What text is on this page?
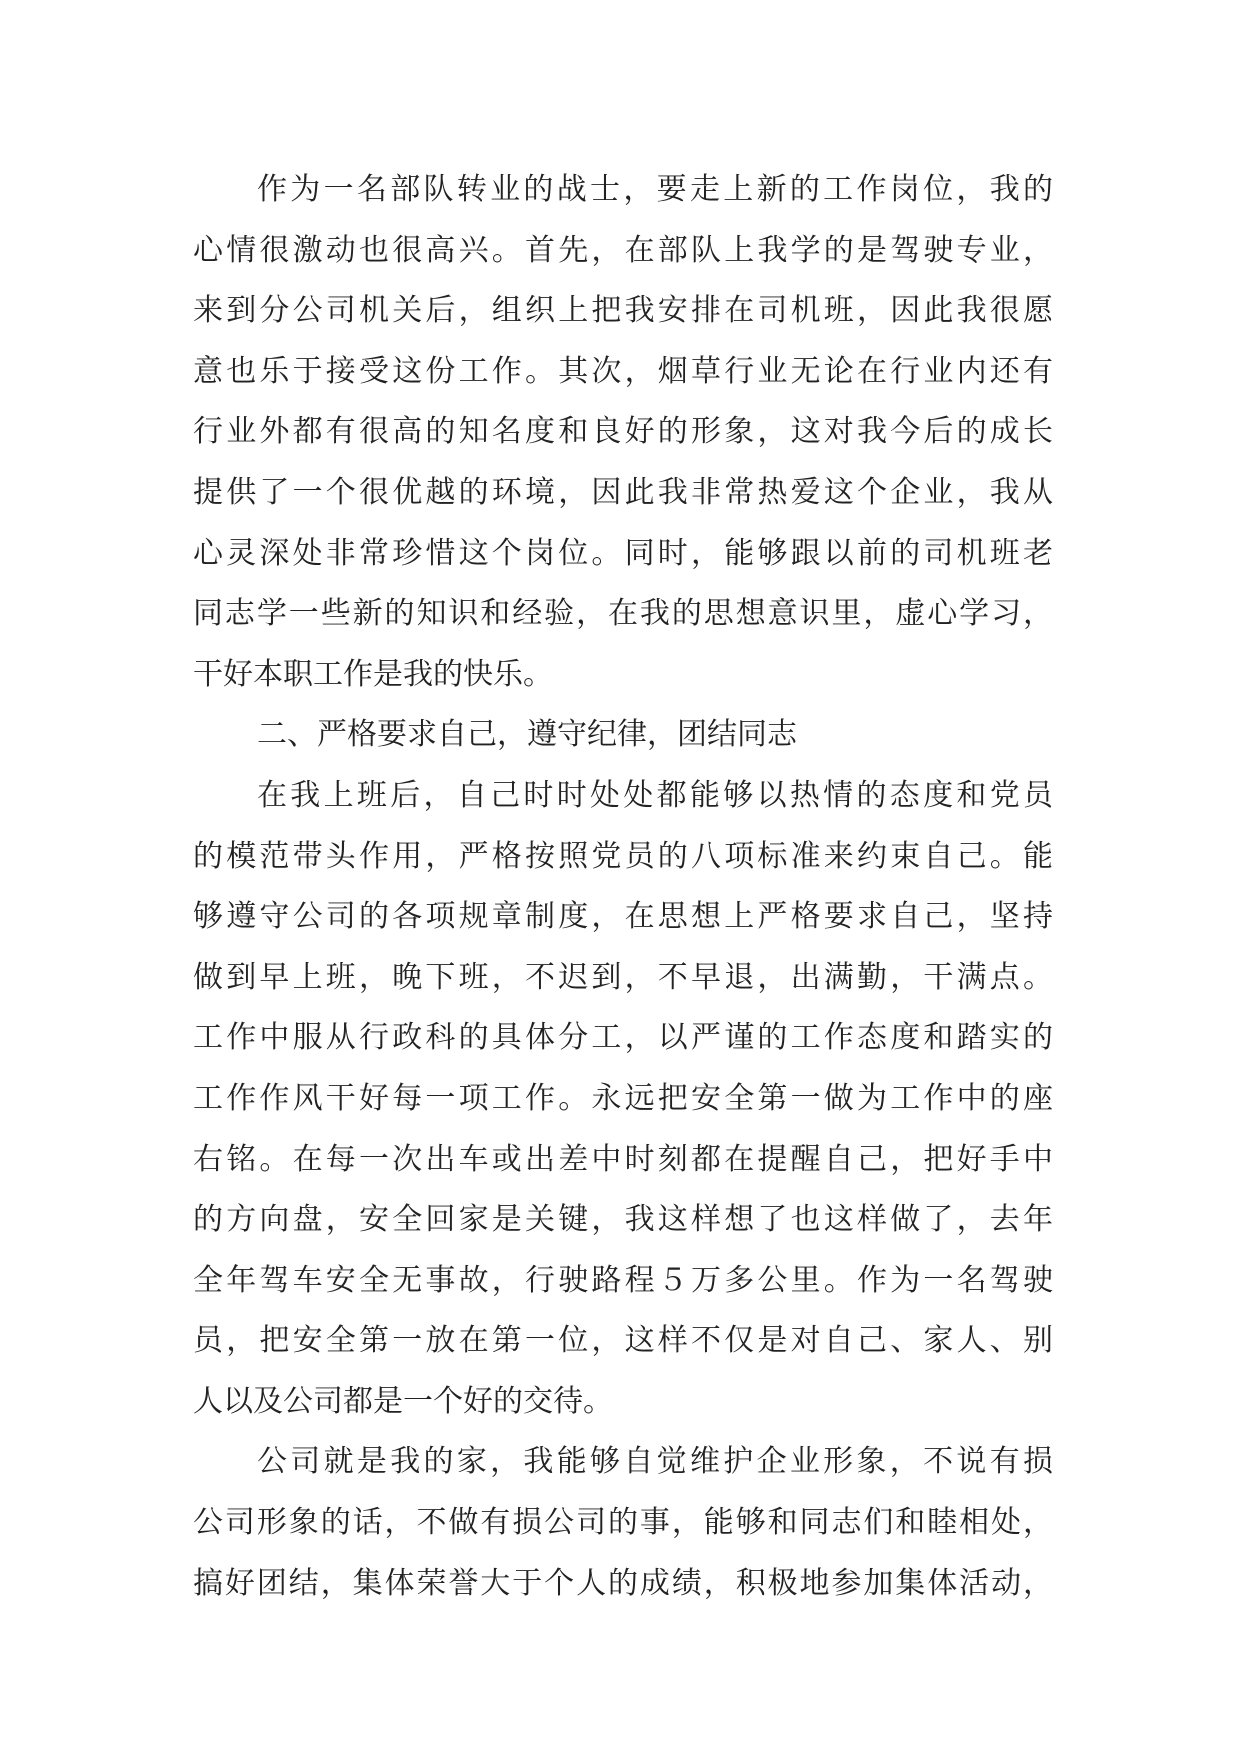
作为一名部队转业的战士，要走上新的工作岗位，我的
心情很激动也很高兴。首先，在部队上我学的是驾驶专业，
来到分公司机关后，组织上把我安排在司机班，因此我很愿
意也乐于接受这份工作。其次，烟草行业无论在行业内还有
行业外都有很高的知名度和良好的形象，这对我今后的成长
提供了一个很优越的环境，因此我非常热爱这个企业，我从
心灵深处非常珍惜这个岗位。同时，能够跟以前的司机班老
同志学一些新的知识和经验，在我的思想意识里，虚心学习，
干好本职工作是我的快乐。
二、严格要求自己，遵守纪律，团结同志
在我上班后，自己时时处处都能够以热情的态度和党员
的模范带头作用，严格按照党员的八项标准来约束自己。能
够遵守公司的各项规章制度，在思想上严格要求自己，坚持
做到早上班，晚下班，不迟到，不早退，出满勤，干满点。
工作中服从行政科的具体分工，以严谨的工作态度和踏实的
工作作风干好每一项工作。永远把安全第一做为工作中的座
右铭。在每一次出车或出差中时刻都在提醒自己，把好手中
的方向盘，安全回家是关键，我这样想了也这样做了，去年
全年驾车安全无事故，行驶路程５万多公里。作为一名驾驶
员，把安全第一放在第一位，这样不仅是对自己、家人、别
人以及公司都是一个好的交待。
公司就是我的家，我能够自觉维护企业形象，不说有损
公司形象的话，不做有损公司的事，能够和同志们和睦相处，
搞好团结，集体荣誉大于个人的成绩，积极地参加集体活动，
